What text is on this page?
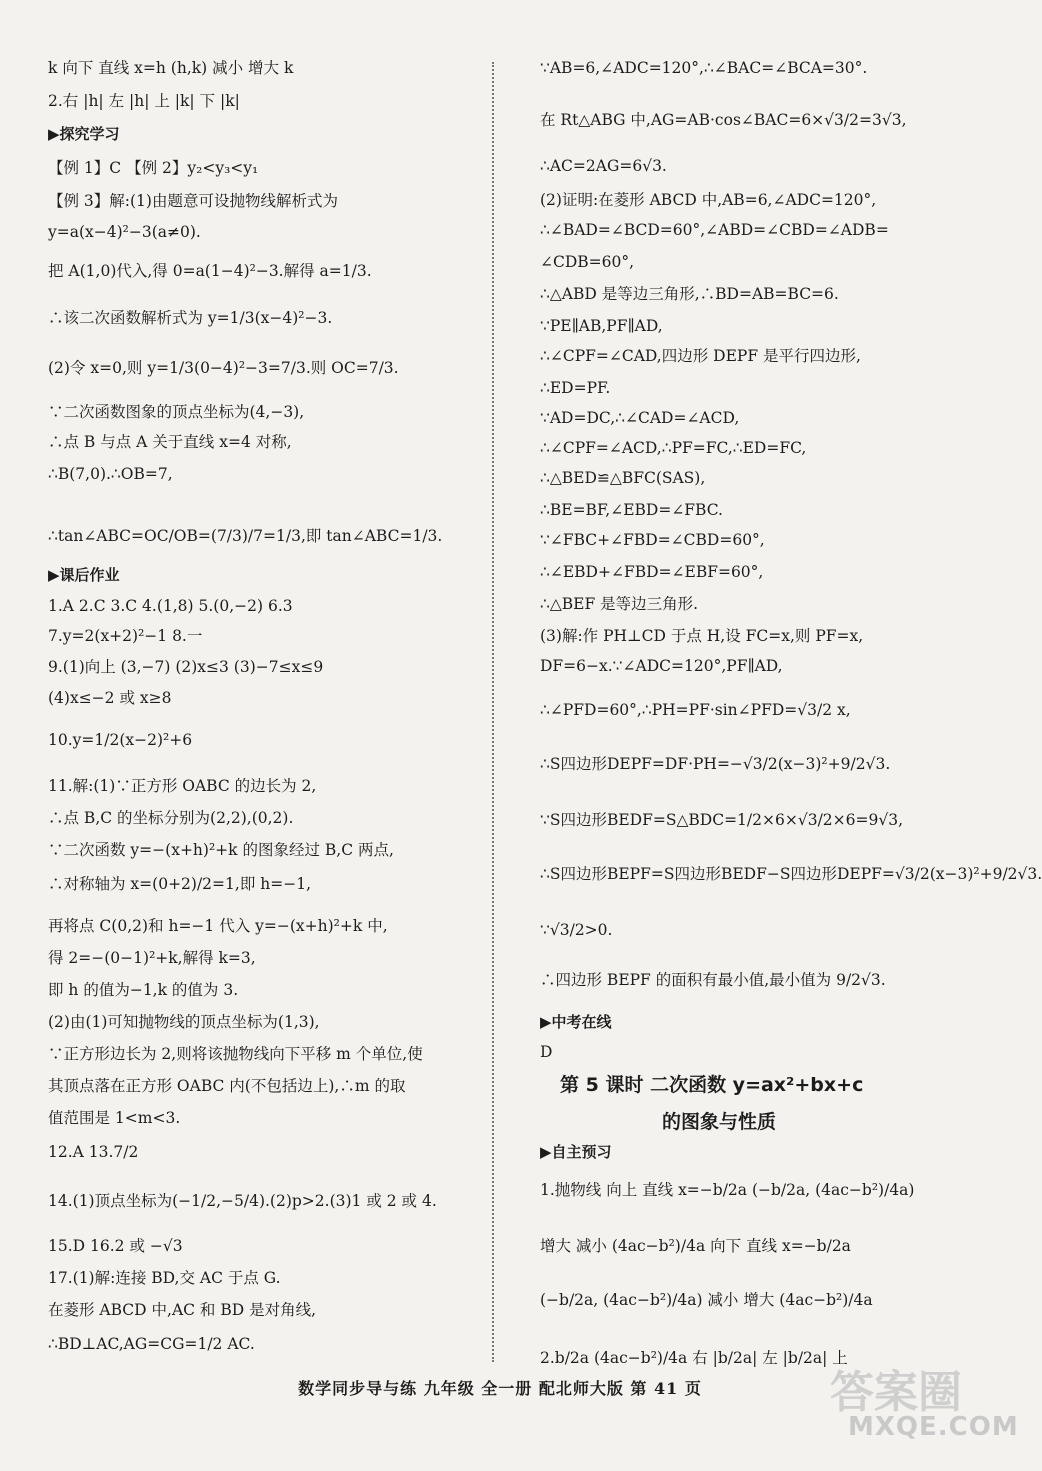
k 向下 直线 x=h (h,k) 减小 增大 k
2.右 |h| 左 |h| 上 |k| 下 |k|
▶探究学习
【例 1】C 【例 2】y₂<y₃<y₁
【例 3】解:(1)由题意可设抛物线解析式为
y=a(x−4)²−3(a≠0).
把 A(1,0)代入,得 0=a(1−4)²−3.解得 a=1/3.
∴该二次函数解析式为 y=1/3(x−4)²−3.
(2)令 x=0,则 y=1/3(0−4)²−3=7/3.则 OC=7/3.
∵二次函数图象的顶点坐标为(4,−3),
∴点 B 与点 A 关于直线 x=4 对称,
∴B(7,0).∴OB=7,
∴tan∠ABC=OC/OB=(7/3)/7=1/3,即 tan∠ABC=1/3.
▶课后作业
1.A 2.C 3.C 4.(1,8) 5.(0,−2) 6.3
7.y=2(x+2)²−1 8.一
9.(1)向上 (3,−7) (2)x≤3 (3)−7≤x≤9
(4)x≤−2 或 x≥8
10.y=1/2(x−2)²+6
11.解:(1)∵正方形 OABC 的边长为 2,
∴点 B,C 的坐标分别为(2,2),(0,2).
∵二次函数 y=−(x+h)²+k 的图象经过 B,C 两点,
∴对称轴为 x=(0+2)/2=1,即 h=−1,
再将点 C(0,2)和 h=−1 代入 y=−(x+h)²+k 中,
得 2=−(0−1)²+k,解得 k=3,
即 h 的值为−1,k 的值为 3.
(2)由(1)可知抛物线的顶点坐标为(1,3),
∵正方形边长为 2,则将该抛物线向下平移 m 个单位,使
其顶点落在正方形 OABC 内(不包括边上),∴m 的取
值范围是 1<m<3.
12.A 13.7/2
14.(1)顶点坐标为(−1/2,−5/4).(2)p>2.(3)1 或 2 或 4.
15.D 16.2 或 −√3
17.(1)解:连接 BD,交 AC 于点 G.
在菱形 ABCD 中,AC 和 BD 是对角线,
∴BD⊥AC,AG=CG=1/2 AC.
∵AB=6,∠ADC=120°,∴∠BAC=∠BCA=30°.
在 Rt△ABG 中,AG=AB·cos∠BAC=6×√3/2=3√3,
∴AC=2AG=6√3.
(2)证明:在菱形 ABCD 中,AB=6,∠ADC=120°,
∴∠BAD=∠BCD=60°,∠ABD=∠CBD=∠ADB=
∠CDB=60°,
∴△ABD 是等边三角形,∴BD=AB=BC=6.
∵PE∥AB,PF∥AD,
∴∠CPF=∠CAD,四边形 DEPF 是平行四边形,
∴ED=PF.
∵AD=DC,∴∠CAD=∠ACD,
∴∠CPF=∠ACD,∴PF=FC,∴ED=FC,
∴△BED≌△BFC(SAS),
∴BE=BF,∠EBD=∠FBC.
∵∠FBC+∠FBD=∠CBD=60°,
∴∠EBD+∠FBD=∠EBF=60°,
∴△BEF 是等边三角形.
(3)解:作 PH⊥CD 于点 H,设 FC=x,则 PF=x,
DF=6−x.∵∠ADC=120°,PF∥AD,
∴∠PFD=60°,∴PH=PF·sin∠PFD=√3/2 x,
∴S四边形DEPF=DF·PH=−√3/2(x−3)²+9/2√3.
∵S四边形BEDF=S△BDC=1/2×6×√3/2×6=9√3,
∴S四边形BEPF=S四边形BEDF−S四边形DEPF=√3/2(x−3)²+9/2√3.
∵√3/2>0.
∴四边形 BEPF 的面积有最小值,最小值为 9/2√3.
▶中考在线
D
▶自主预习
1.抛物线 向上 直线 x=−b/2a (−b/2a, (4ac−b²)/4a)
增大 减小 (4ac−b²)/4a 向下 直线 x=−b/2a
(−b/2a, (4ac−b²)/4a) 减小 增大 (4ac−b²)/4a
2.b/2a (4ac−b²)/4a 右 |b/2a| 左 |b/2a| 上
第 5 课时 二次函数 y=ax²+bx+c
的图象与性质
数学同步导与练 九年级 全一册 配北师大版 第 41 页	答案圈
MXQE.COM
